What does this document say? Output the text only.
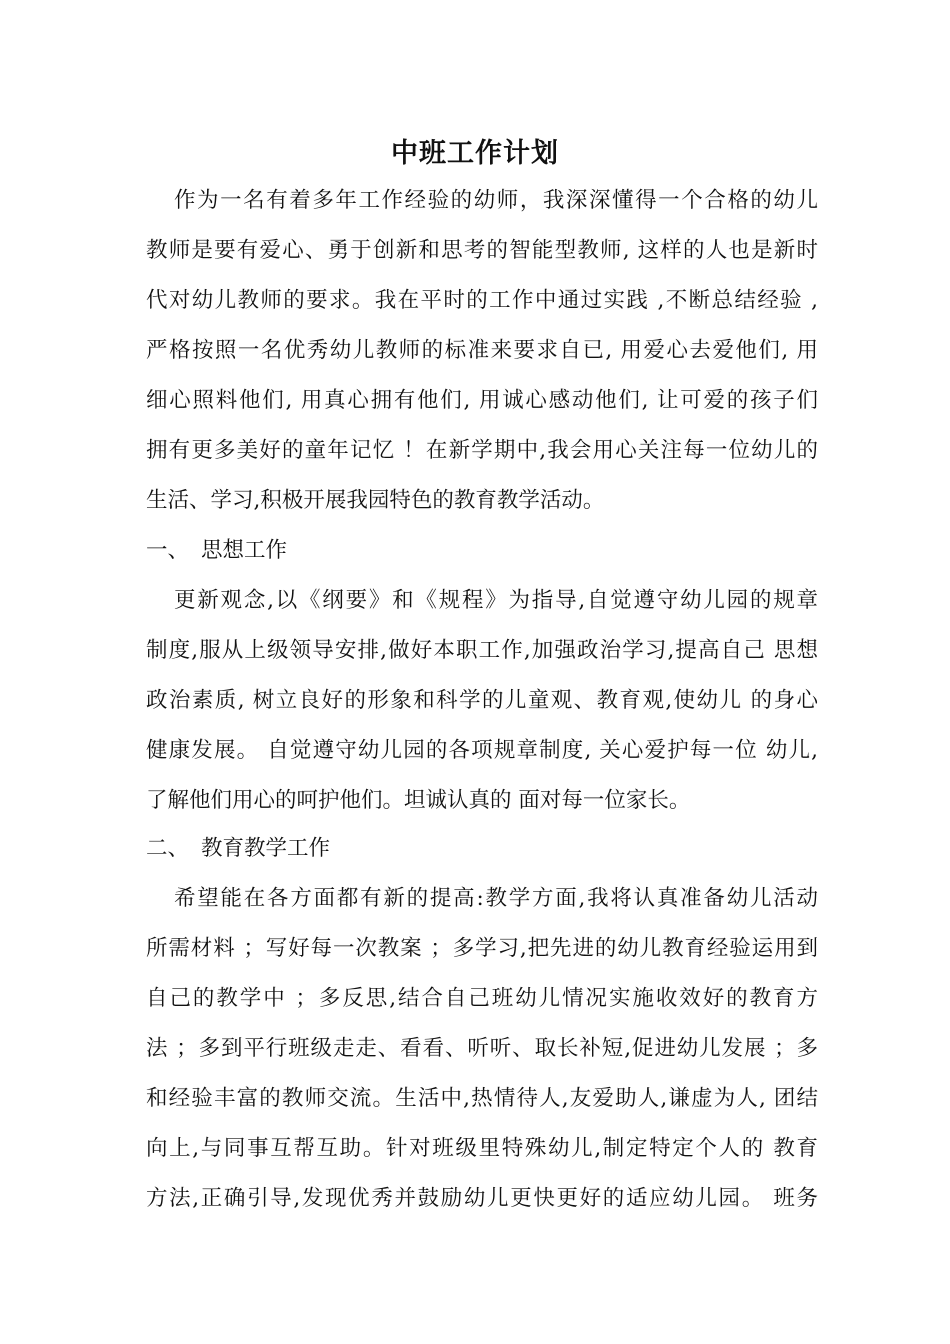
中班工作计划
作为一名有着多年工作经验的幼师，我深深懂得一个合格的幼儿
教师是要有爱心、勇于创新和思考的智能型教师, 这样的人也是新时
代对幼儿教师的要求。我在平时的工作中通过实践 ,不断总结经验 ,
严格按照一名优秀幼儿教师的标准来要求自已, 用爱心去爱他们, 用
细心照料他们, 用真心拥有他们, 用诚心感动他们, 让可爱的孩子们
拥有更多美好的童年记忆 ！在新学期中,我会用心关注每一位幼儿的
生活、学习,积极开展我园特色的教育教学活动。
一、 思想工作
更新观念,以《纲要》和《规程》为指导,自觉遵守幼儿园的规章
制度,服从上级领导安排,做好本职工作,加强政治学习,提高自己 思想
政治素质, 树立良好的形象和科学的儿童观、教育观,使幼儿 的身心
健康发展。 自觉遵守幼儿园的各项规章制度, 关心爱护每一位 幼儿,
了解他们用心的呵护他们。坦诚认真的 面对每一位家长。
二、 教育教学工作
希望能在各方面都有新的提高:教学方面,我将认真准备幼儿活动
所需材料 ；写好每一次教案 ；多学习,把先进的幼儿教育经验运用到
自己的教学中 ；多反思,结合自己班幼儿情况实施收效好的教育方
法 ；多到平行班级走走、看看、听听、取长补短,促进幼儿发展 ；多
和经验丰富的教师交流。生活中,热情待人,友爱助人,谦虚为人, 团结
向上,与同事互帮互助。针对班级里特殊幼儿,制定特定个人的 教育
方法,正确引导,发现优秀并鼓励幼儿更快更好的适应幼儿园。 班务
